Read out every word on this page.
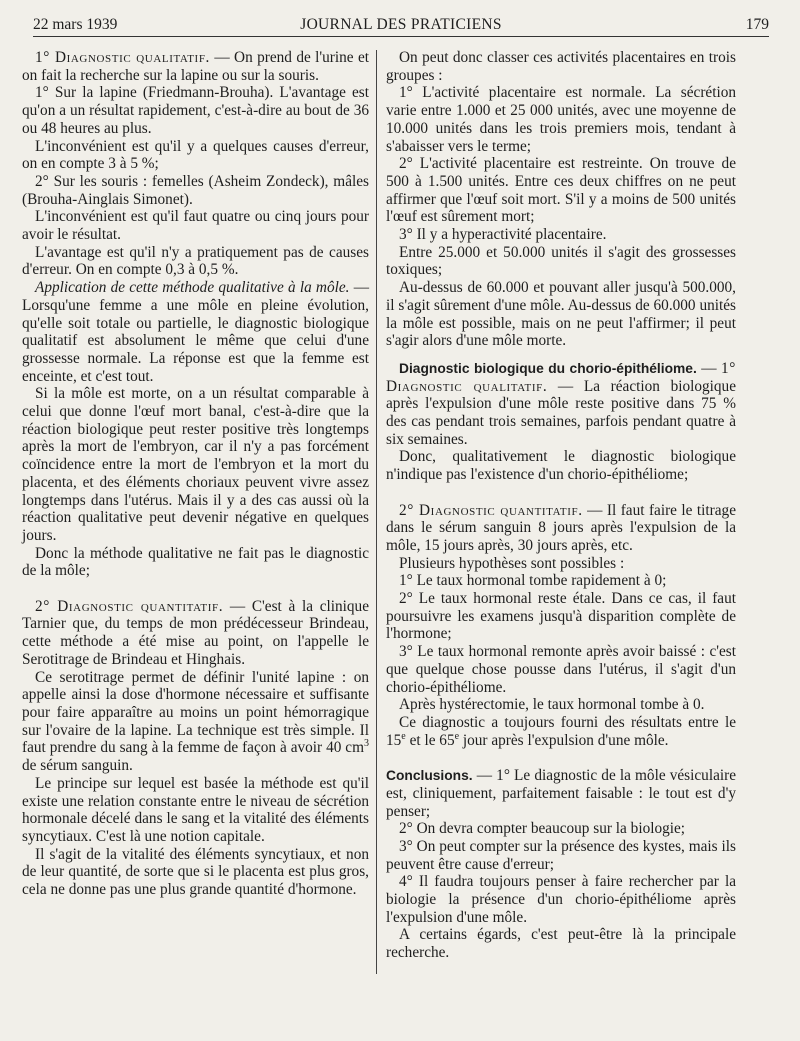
22 mars 1939	JOURNAL DES PRATICIENS	179

1° Diagnostic qualitatif. — On prend de l'urine et on fait la recherche sur la lapine ou sur la souris.

1° Sur la lapine (Friedmann-Brouha). L'avantage est qu'on a un résultat rapidement, c'est-à-dire au bout de 36 ou 48 heures au plus.

L'inconvénient est qu'il y a quelques causes d'erreur, on en compte 3 à 5 %;

2° Sur les souris : femelles (Asheim Zondeck), mâles (Brouha-Ainglais Simonet).

L'inconvénient est qu'il faut quatre ou cinq jours pour avoir le résultat.

L'avantage est qu'il n'y a pratiquement pas de causes d'erreur. On en compte 0,3 à 0,5 %.

Application de cette méthode qualitative à la môle. — Lorsqu'une femme a une môle en pleine évolution, qu'elle soit totale ou partielle, le diagnostic biologique qualitatif est absolument le même que celui d'une grossesse normale. La réponse est que la femme est enceinte, et c'est tout.

Si la môle est morte, on a un résultat comparable à celui que donne l'œuf mort banal, c'est-à-dire que la réaction biologique peut rester positive très longtemps après la mort de l'embryon, car il n'y a pas forcément coïncidence entre la mort de l'embryon et la mort du placenta, et des éléments choriaux peuvent vivre assez longtemps dans l'utérus. Mais il y a des cas aussi où la réaction qualitative peut devenir négative en quelques jours.

Donc la méthode qualitative ne fait pas le diagnostic de la môle;

2° Diagnostic quantitatif. — C'est à la clinique Tarnier que, du temps de mon prédécesseur Brindeau, cette méthode a été mise au point, on l'appelle le Serotitrage de Brindeau et Hinghais.

Ce serotitrage permet de définir l'unité lapine : on appelle ainsi la dose d'hormone nécessaire et suffisante pour faire apparaître au moins un point hémorragique sur l'ovaire de la lapine. La technique est très simple. Il faut prendre du sang à la femme de façon à avoir 40 $cm^3$ de sérum sanguin.

Le principe sur lequel est basée la méthode est qu'il existe une relation constante entre le niveau de sécrétion hormonale décelé dans le sang et la vitalité des éléments syncytiaux. C'est là une notion capitale.

Il s'agit de la vitalité des éléments syncytiaux, et non de leur quantité, de sorte que si le placenta est plus gros, cela ne donne pas une plus grande quantité d'hormone.

On peut donc classer ces activités placentaires en trois groupes :

1° L'activité placentaire est normale. La sécrétion varie entre 1.000 et 25 000 unités, avec une moyenne de 10.000 unités dans les trois premiers mois, tendant à s'abaisser vers le terme;

2° L'activité placentaire est restreinte. On trouve de 500 à 1.500 unités. Entre ces deux chiffres on ne peut affirmer que l'œuf soit mort. S'il y a moins de 500 unités l'œuf est sûrement mort;

3° Il y a hyperactivité placentaire.

Entre 25.000 et 50.000 unités il s'agit des grossesses toxiques;

Au-dessus de 60.000 et pouvant aller jusqu'à 500.000, il s'agit sûrement d'une môle. Au-dessus de 60.000 unités la môle est possible, mais on ne peut l'affirmer; il peut s'agir alors d'une môle morte.

Diagnostic biologique du chorio-épithéliome. — 1° Diagnostic qualitatif. — La réaction biologique après l'expulsion d'une môle reste positive dans 75 % des cas pendant trois semaines, parfois pendant quatre à six semaines.

Donc, qualitativement le diagnostic biologique n'indique pas l'existence d'un chorio-épithéliome;

2° Diagnostic quantitatif. — Il faut faire le titrage dans le sérum sanguin 8 jours après l'expulsion de la môle, 15 jours après, 30 jours après, etc.

Plusieurs hypothèses sont possibles :

1° Le taux hormonal tombe rapidement à 0;

2° Le taux hormonal reste étale. Dans ce cas, il faut poursuivre les examens jusqu'à disparition complète de l'hormone;

3° Le taux hormonal remonte après avoir baissé : c'est que quelque chose pousse dans l'utérus, il s'agit d'un chorio-épithéliome.

Après hystérectomie, le taux hormonal tombe à 0.

Ce diagnostic a toujours fourni des résultats entre le 15e et le 65e jour après l'expulsion d'une môle.

Conclusions. — 1° Le diagnostic de la môle vésiculaire est, cliniquement, parfaitement faisable : le tout est d'y penser;

2° On devra compter beaucoup sur la biologie;

3° On peut compter sur la présence des kystes, mais ils peuvent être cause d'erreur;

4° Il faudra toujours penser à faire rechercher par la biologie la présence d'un chorio-épithéliome après l'expulsion d'une môle.

A certains égards, c'est peut-être là la principale recherche.
